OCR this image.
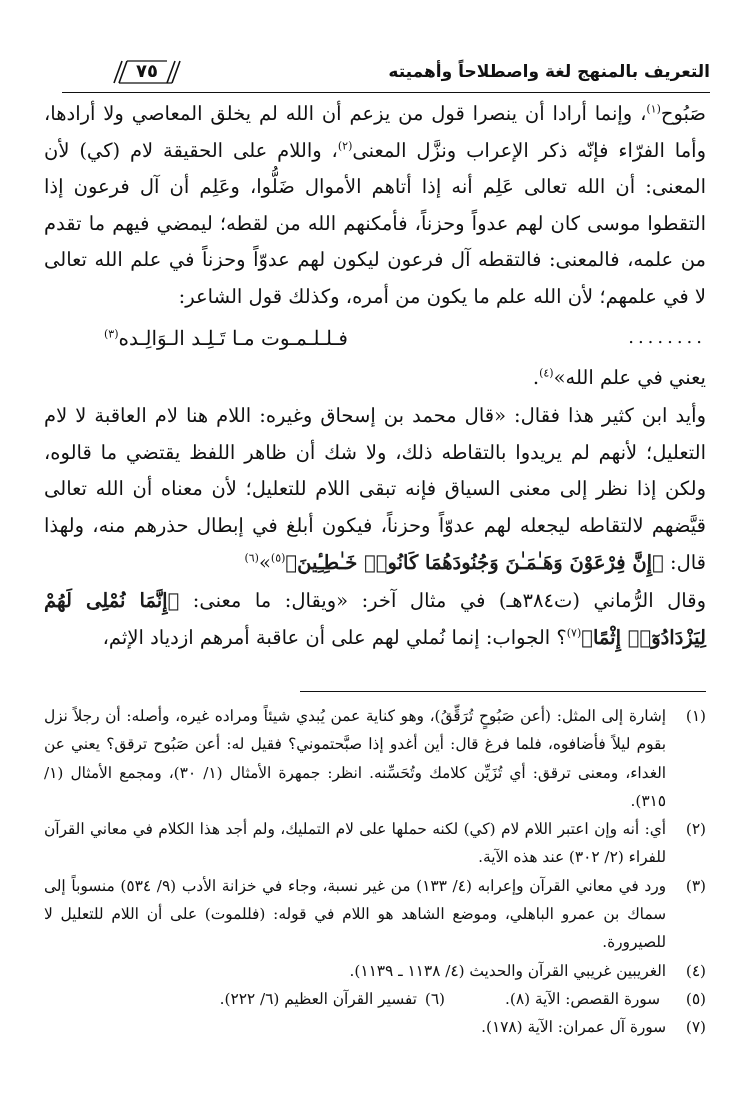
التعريف بالمنهج لغة واصطلاحاً وأهميته
٧٥

صَبُوح$^{(١)}$، وإنما أرادا أن ينصرا قول من يزعم أن الله لم يخلق المعاصي ولا أرادها، وأما الفرّاء فإنّه ذكر الإعراب ونزَّل المعنى$^{(٢)}$، واللام على الحقيقة لام (كي) لأن المعنى: أن الله تعالى عَلِم أنه إذا أتاهم الأموال ضَلُّوا، وعَلِم أن آل فرعون إذا التقطوا موسى كان لهم عدواً وحزناً، فأمكنهم الله من لقطه؛ ليمضي فيهم ما تقدم من علمه، فالمعنى: فالتقطه آل فرعون ليكون لهم عدوّاً وحزناً في علم الله تعالى لا في علمهم؛ لأن الله علم ما يكون من أمره، وكذلك قول الشاعر:

........
فـلـلـمـوت مـا تَـلِـد الـوَالِـده$^{(٣)}$

يعني في علم الله»$^{(٤)}$.

وأيد ابن كثير هذا فقال: «قال محمد بن إسحاق وغيره: اللام هنا لام العاقبة لا لام التعليل؛ لأنهم لم يريدوا بالتقاطه ذلك، ولا شك أن ظاهر اللفظ يقتضي ما قالوه، ولكن إذا نظر إلى معنى السياق فإنه تبقى اللام للتعليل؛ لأن معناه أن الله تعالى قيَّضهم لالتقاطه ليجعله لهم عدوّاً وحزناً، فيكون أبلغ في إبطال حذرهم منه، ولهذا قال: ﴿إِنَّ فِرْعَوْنَ وَهَـٰمَـٰنَ وَجُنُودَهُمَا كَانُوا۟ خَـٰطِـِٔينَ﴾$^{(٥)}$»$^{(٦)}$

وقال الرُّماني (ت٣٨٤هـ) في مثال آخر: «ويقال: ما معنى: ﴿إِنَّمَا نُمْلِى لَهُمْ لِيَزْدَادُوٓا۟ إِثْمًا﴾$^{(٧)}$؟ الجواب: إنما نُملي لهم على أن عاقبة أمرهم ازدياد الإثم،

(١)
إشارة إلى المثل: (أعن صَبُوحٍ تُرَقِّقُ)، وهو كناية عمن يُبدي شيئاً ومراده غيره، وأصله: أن رجلاً نزل بقوم ليلاً فأضافوه، فلما فرغ قال: أين أغدو إذا صبَّحتموني؟ فقيل له: أعن صَبُوح ترقق؟ يعني عن الغداء، ومعنى ترقق: أي تُزَيِّن كلامك وتُحَسِّنه. انظر: جمهرة الأمثال (١/ ٣٠)، ومجمع الأمثال (١/ ٣١٥).
(٢)
أي: أنه وإن اعتبر اللام لام (كي) لكنه حملها على لام التمليك، ولم أجد هذا الكلام في معاني القرآن للفراء (٢/ ٣٠٢) عند هذه الآية.
(٣)
ورد في معاني القرآن وإعرابه (٤/ ١٣٣) من غير نسبة، وجاء في خزانة الأدب (٩/ ٥٣٤) منسوباً إلى سماك بن عمرو الباهلي، وموضع الشاهد هو اللام في قوله: (فللموت) على أن اللام للتعليل لا للصيرورة.
(٤)
الغريبين غريبي القرآن والحديث (٤/ ١١٣٨ ـ ١١٣٩).
(٥)
سورة القصص: الآية (٨).
(٦)
تفسير القرآن العظيم (٦/ ٢٢٢).
(٧)
سورة آل عمران: الآية (١٧٨).
